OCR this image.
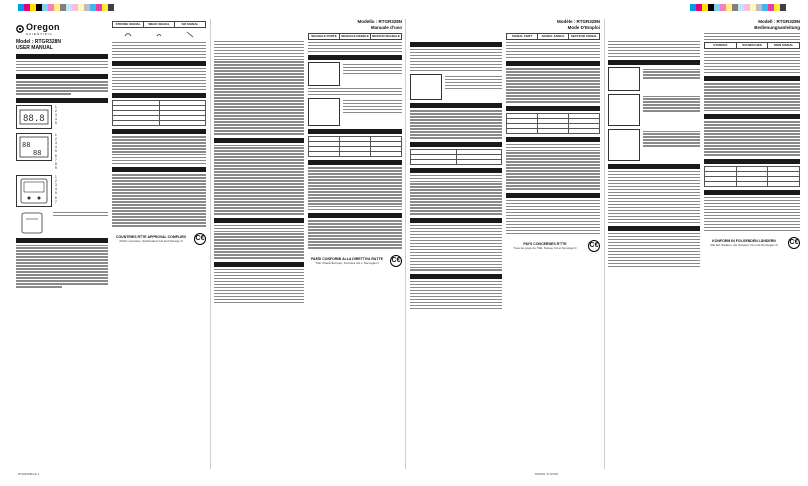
Oregon
SCIENTIFIC
Model : RTGR328N
USER MANUAL
88.8
1
2
3
4
5
88
88
1
2
3
4
5
6
7
8
9
1
2
3
4
5
6
7
STRONG SIGNAL	WEAK SIGNAL	NO SIGNAL

COUNTRIES RTTE APPROVAL COMPLIED
All EC countries, Switzerland CH and Norway N	C€
RTGR328N-E 1
Modello : RTGR328N
Manuale d'uso
SEGNALE FORTE	SEGNALE DEBOLE	NESSUN SEGNALE

PAESI CONFORMI ALLA DIRETTIVA R&TTE
Tutti i Paesi Europei, Svizzera CH e Norvegia N	C€

Modèle : RTGR328N
Mode D'Emploi
SIGNAL FORT	SIGNAL FAIBLE	SECTEUR SIGNAL

PAYS CONCERNES R'TTE
Tous les pays de l'UE, Suisse CH et Norvège N	C€
8/16/05, 6:13 PM
Modell : RTGR328N
Bedienungsanleitung
STARKES	SCHWACHES	KEIN SIGNAL

KONFORM IN FOLGENDEN LÄNDERN
Alle EU-Staaten, die Schweiz CH und Norwegen N	C€
